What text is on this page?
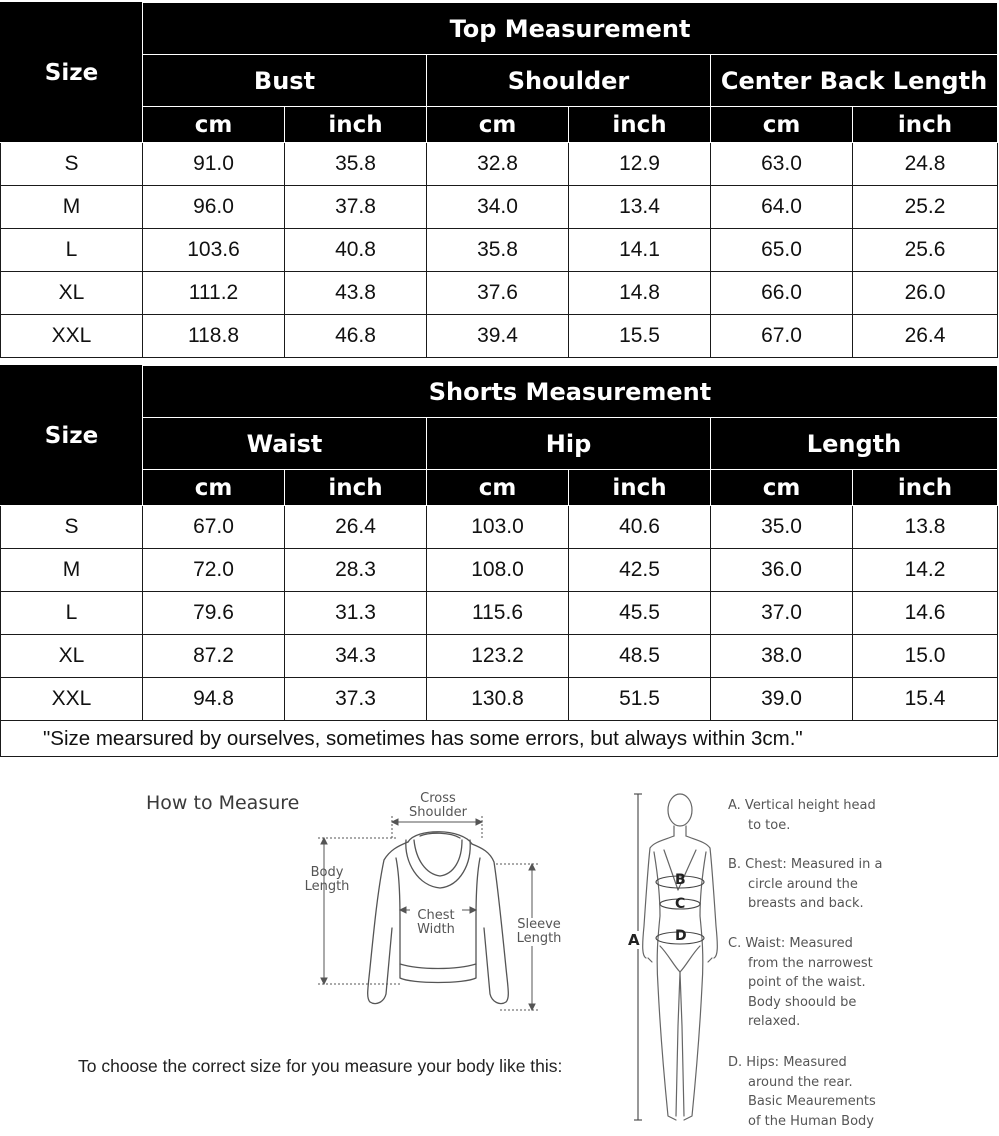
Size	Top Measurement					
	Bust		Shoulder		Center Back Length	
	cm	inch	cm	inch	cm	inch
S	91.0	35.8	32.8	12.9	63.0	24.8
M	96.0	37.8	34.0	13.4	64.0	25.2
L	103.6	40.8	35.8	14.1	65.0	25.6
XL	111.2	43.8	37.6	14.8	66.0	26.0
XXL	118.8	46.8	39.4	15.5	67.0	26.4
Size	Shorts Measurement					
	Waist		Hip		Length	
	cm	inch	cm	inch	cm	inch
S	67.0	26.4	103.0	40.6	35.0	13.8
M	72.0	28.3	108.0	42.5	36.0	14.2
L	79.6	31.3	115.6	45.5	37.0	14.6
XL	87.2	34.3	123.2	48.5	38.0	15.0
XXL	94.8	37.3	130.8	51.5	39.0	15.4
"Size mearsured by ourselves, sometimes has some errors, but always within 3cm."						
How to Measure	Cross
Shoulder
Body
Length
Chest
Width	Sleeve
Length
To choose the correct size for you measure your body like this:
A
B
C
D
A. Vertical height head
to toe.
B. Chest: Measured in a
circle around the
breasts and back.
C. Waist: Measured
from the narrowest
point of the waist.
Body shoould be
relaxed.
D. Hips: Measured
around the rear.
Basic Meaurements
of the Human Body
